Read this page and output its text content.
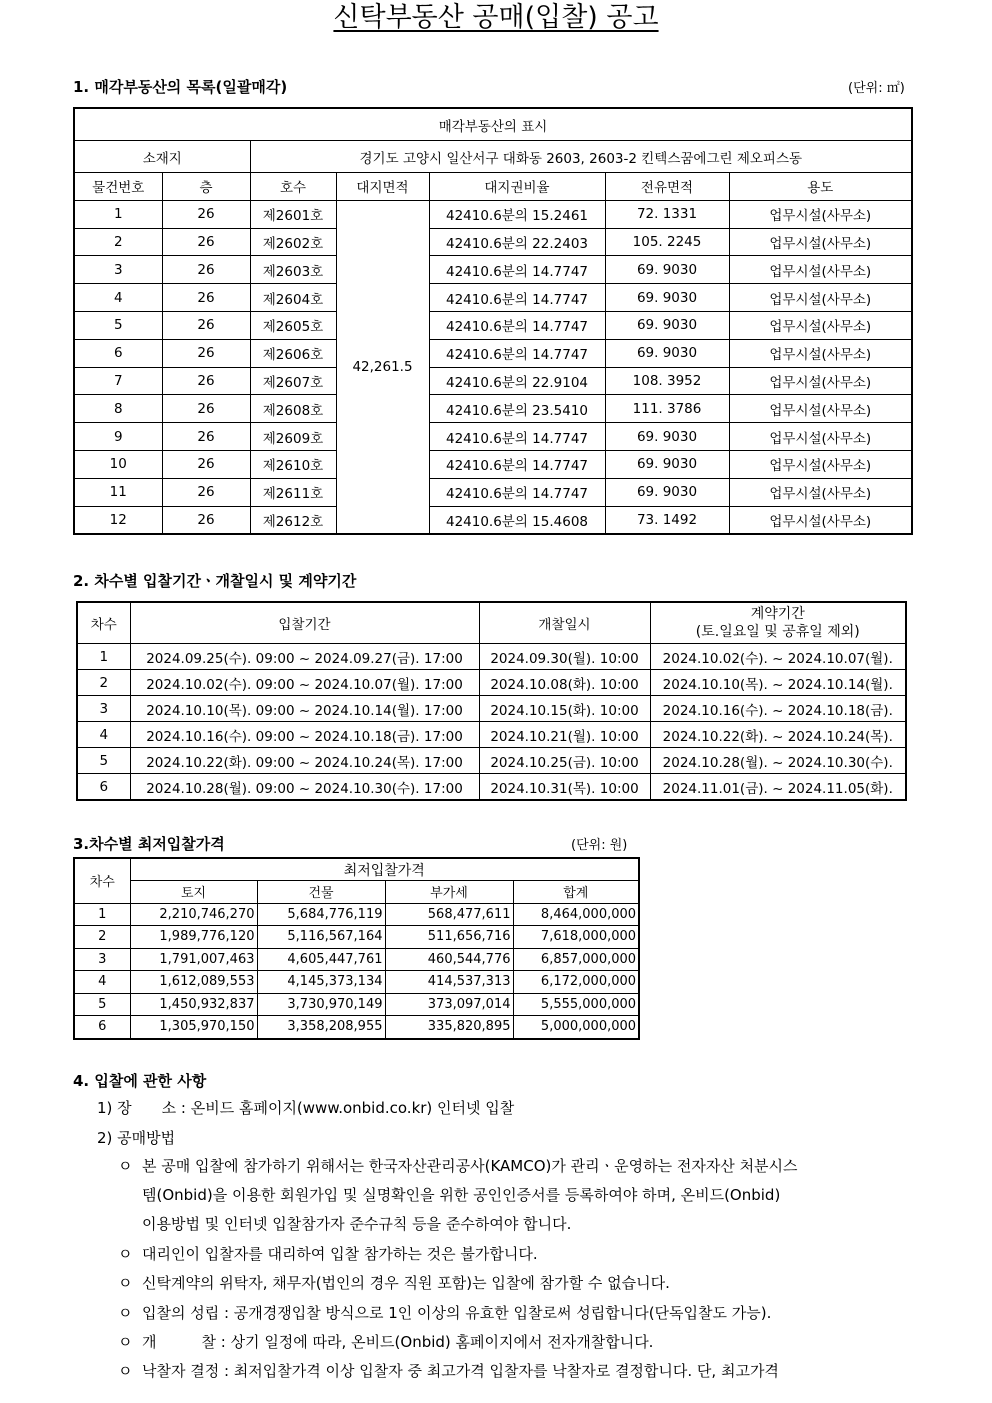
신탁부동산 공매(입찰) 공고
1. 매각부동산의 목록(일괄매각)	(단위: ㎡)
매각부동산의 표시						
소재지		경기도 고양시 일산서구 대화동 2603, 2603-2 킨텍스꿈에그린 제오피스동				
물건번호	층	호수	대지면적	대지권비율	전유면적	용도
1	26	제2601호	42,261.5	42410.6분의 15.2461	72. 1331	업무시설(사무소)
2	26	제2602호		42410.6분의 22.2403	105. 2245	업무시설(사무소)
3	26	제2603호		42410.6분의 14.7747	69. 9030	업무시설(사무소)
4	26	제2604호		42410.6분의 14.7747	69. 9030	업무시설(사무소)
5	26	제2605호		42410.6분의 14.7747	69. 9030	업무시설(사무소)
6	26	제2606호		42410.6분의 14.7747	69. 9030	업무시설(사무소)
7	26	제2607호		42410.6분의 22.9104	108. 3952	업무시설(사무소)
8	26	제2608호		42410.6분의 23.5410	111. 3786	업무시설(사무소)
9	26	제2609호		42410.6분의 14.7747	69. 9030	업무시설(사무소)
10	26	제2610호		42410.6분의 14.7747	69. 9030	업무시설(사무소)
11	26	제2611호		42410.6분의 14.7747	69. 9030	업무시설(사무소)
12	26	제2612호		42410.6분의 15.4608	73. 1492	업무시설(사무소)
2. 차수별 입찰기간ㆍ개찰일시 및 계약기간
차수	입찰기간	개찰일시	계약기간
(토.일요일 및 공휴일 제외)

1	2024.09.25(수). 09:00 ~ 2024.09.27(금). 17:00	2024.09.30(월). 10:00	2024.10.02(수). ~ 2024.10.07(월).
2	2024.10.02(수). 09:00 ~ 2024.10.07(월). 17:00	2024.10.08(화). 10:00	2024.10.10(목). ~ 2024.10.14(월).
3	2024.10.10(목). 09:00 ~ 2024.10.14(월). 17:00	2024.10.15(화). 10:00	2024.10.16(수). ~ 2024.10.18(금).
4	2024.10.16(수). 09:00 ~ 2024.10.18(금). 17:00	2024.10.21(월). 10:00	2024.10.22(화). ~ 2024.10.24(목).
5	2024.10.22(화). 09:00 ~ 2024.10.24(목). 17:00	2024.10.25(금). 10:00	2024.10.28(월). ~ 2024.10.30(수).
6	2024.10.28(월). 09:00 ~ 2024.10.30(수). 17:00	2024.10.31(목). 10:00	2024.11.01(금). ~ 2024.11.05(화).
3.차수별 최저입찰가격	(단위: 원)
차수	최저입찰가격			
	토지	건물	부가세	합계
1	2,210,746,270	5,684,776,119	568,477,611	8,464,000,000
2	1,989,776,120	5,116,567,164	511,656,716	7,618,000,000
3	1,791,007,463	4,605,447,761	460,544,776	6,857,000,000
4	1,612,089,553	4,145,373,134	414,537,313	6,172,000,000
5	1,450,932,837	3,730,970,149	373,097,014	5,555,000,000
6	1,305,970,150	3,358,208,955	335,820,895	5,000,000,000
4. 입찰에 관한 사항
1) 장　　소 : 온비드 홈페이지(www.onbid.co.kr) 인터넷 입찰
2) 공매방법
ㅇ 본 공매 입찰에 참가하기 위해서는 한국자산관리공사(KAMCO)가 관리ㆍ운영하는 전자자산 처분시스
템(Onbid)을 이용한 회원가입 및 실명확인을 위한 공인인증서를 등록하여야 하며, 온비드(Onbid)
이용방법 및 인터넷 입찰참가자 준수규칙 등을 준수하여야 합니다.
ㅇ 대리인이 입찰자를 대리하여 입찰 참가하는 것은 불가합니다.
ㅇ 신탁계약의 위탁자, 채무자(법인의 경우 직원 포함)는 입찰에 참가할 수 없습니다.
ㅇ 입찰의 성립 : 공개경쟁입찰 방식으로 1인 이상의 유효한 입찰로써 성립합니다(단독입찰도 가능).
ㅇ 개　　　찰 : 상기 일정에 따라, 온비드(Onbid) 홈페이지에서 전자개찰합니다.
ㅇ 낙찰자 결정 : 최저입찰가격 이상 입찰자 중 최고가격 입찰자를 낙찰자로 결정합니다. 단, 최고가격
